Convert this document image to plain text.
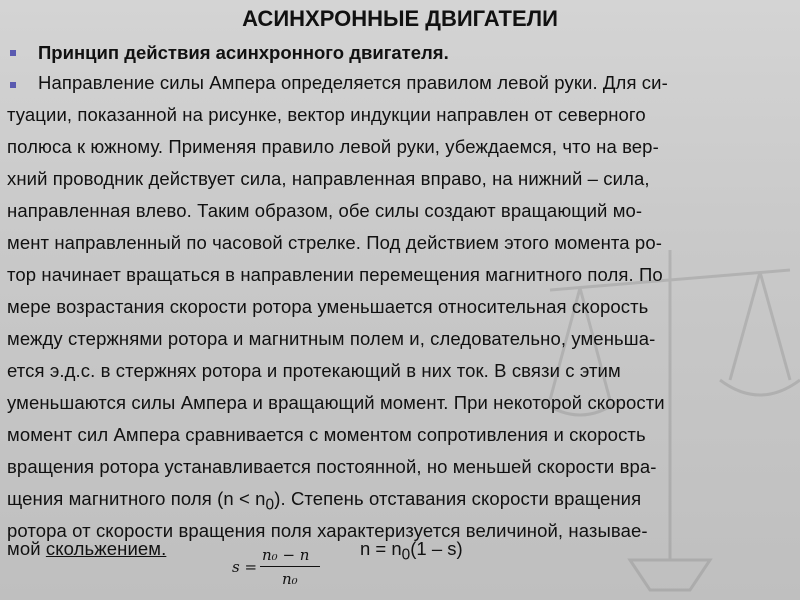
АСИНХРОННЫЕ ДВИГАТЕЛИ
Принцип действия асинхронного двигателя.
Направление силы Ампера определяется правилом левой руки. Для си-
туации, показанной на рисунке, вектор индукции направлен от северного
полюса к южному. Применяя правило левой руки, убеждаемся, что на вер-
хний проводник действует сила, направленная вправо, на нижний – сила,
направленная влево. Таким образом, обе силы создают вращающий мо-
мент направленный по часовой стрелке. Под действием этого момента ро-
тор начинает вращаться в направлении перемещения магнитного поля. По
мере возрастания скорости ротора уменьшается относительная скорость
между стержнями ротора и магнитным полем и, следовательно, уменьша-
ется э.д.с. в стержнях ротора и протекающий в них ток. В связи с этим
уменьшаются силы Ампера и вращающий момент. При некоторой скорости
момент сил Ампера сравнивается с моментом сопротивления и скорость
вращения ротора устанавливается постоянной, но меньшей скорости вра-
щения магнитного поля $(n < n_0)$. Степень отставания скорости вращения
ротора от скорости вращения поля характеризуется величиной, называе-
мой скольжением.	$n = n_0(1 - s)$
s =
n₀ − n
n₀
